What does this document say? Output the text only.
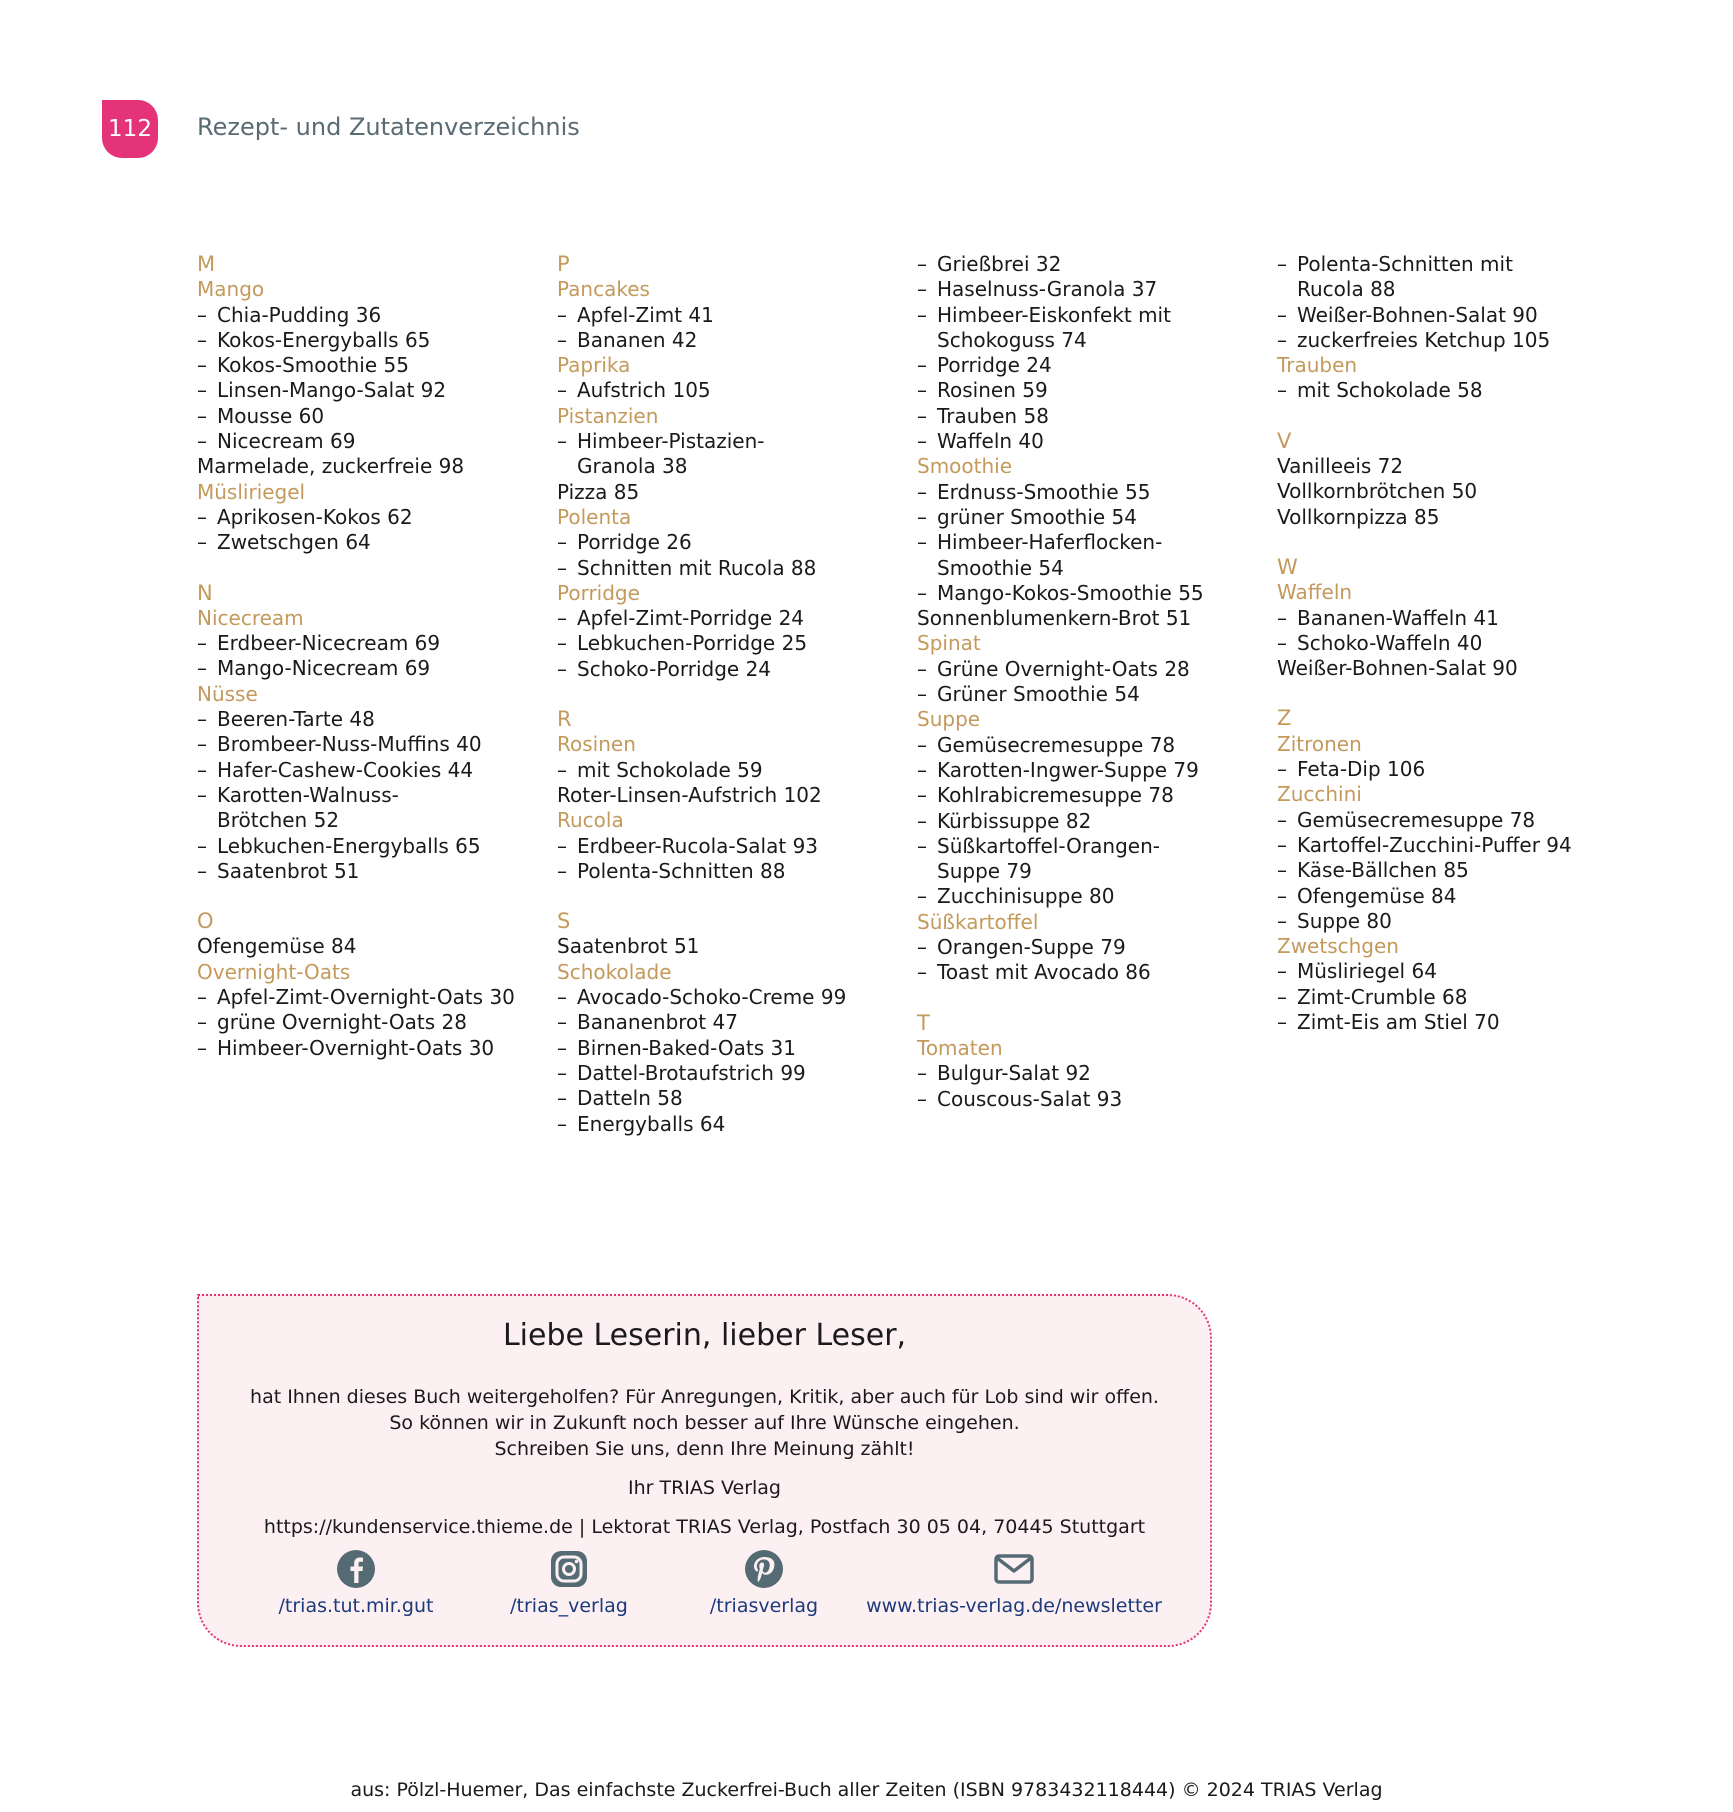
112 Rezept- und Zutatenverzeichnis
M
Mango
– Chia-Pudding 36
– Kokos-Energyballs 65
– Kokos-Smoothie 55
– Linsen-Mango-Salat 92
– Mousse 60
– Nicecream 69
Marmelade, zuckerfreie 98
Müsliriegel
– Aprikosen-Kokos 62
– Zwetschgen 64
N
Nicecream
– Erdbeer-Nicecream 69
– Mango-Nicecream 69
Nüsse
– Beeren-Tarte 48
– Brombeer-Nuss-Muffins 40
– Hafer-Cashew-Cookies 44
– Karotten-Walnuss-
Brötchen 52
– Lebkuchen-Energyballs 65
– Saatenbrot 51
O
Ofengemüse 84
Overnight-Oats
– Apfel-Zimt-Overnight-Oats 30
– grüne Overnight-Oats 28
– Himbeer-Overnight-Oats 30
P
Pancakes
– Apfel-Zimt 41
– Bananen 42
Paprika
– Aufstrich 105
Pistanzien
– Himbeer-Pistazien-
Granola 38
Pizza 85
Polenta
– Porridge 26
– Schnitten mit Rucola 88
Porridge
– Apfel-Zimt-Porridge 24
– Lebkuchen-Porridge 25
– Schoko-Porridge 24
R
Rosinen
– mit Schokolade 59
Roter-Linsen-Aufstrich 102
Rucola
– Erdbeer-Rucola-Salat 93
– Polenta-Schnitten 88
S
Saatenbrot 51
Schokolade
– Avocado-Schoko-Creme 99
– Bananenbrot 47
– Birnen-Baked-Oats 31
– Dattel-Brotaufstrich 99
– Datteln 58
– Energyballs 64
– Grießbrei 32
– Haselnuss-Granola 37
– Himbeer-Eiskonfekt mit
Schokoguss 74
– Porridge 24
– Rosinen 59
– Trauben 58
– Waffeln 40
Smoothie
– Erdnuss-Smoothie 55
– grüner Smoothie 54
– Himbeer-Haferflocken-
Smoothie 54
– Mango-Kokos-Smoothie 55
Sonnenblumenkern-Brot 51
Spinat
– Grüne Overnight-Oats 28
– Grüner Smoothie 54
Suppe
– Gemüsecremesuppe 78
– Karotten-Ingwer-Suppe 79
– Kohlrabicremesuppe 78
– Kürbissuppe 82
– Süßkartoffel-Orangen-
Suppe 79
– Zucchinisuppe 80
Süßkartoffel
– Orangen-Suppe 79
– Toast mit Avocado 86
T
Tomaten
– Bulgur-Salat 92
– Couscous-Salat 93
– Polenta-Schnitten mit
Rucola 88
– Weißer-Bohnen-Salat 90
– zuckerfreies Ketchup 105
Trauben
– mit Schokolade 58
V
Vanilleeis 72
Vollkornbrötchen 50
Vollkornpizza 85
W
Waffeln
– Bananen-Waffeln 41
– Schoko-Waffeln 40
Weißer-Bohnen-Salat 90
Z
Zitronen
– Feta-Dip 106
Zucchini
– Gemüsecremesuppe 78
– Kartoffel-Zucchini-Puffer 94
– Käse-Bällchen 85
– Ofengemüse 84
– Suppe 80
Zwetschgen
– Müsliriegel 64
– Zimt-Crumble 68
– Zimt-Eis am Stiel 70
Liebe Leserin, lieber Leser,
hat Ihnen dieses Buch weitergeholfen? Für Anregungen, Kritik, aber auch für Lob sind wir offen.
So können wir in Zukunft noch besser auf Ihre Wünsche eingehen.
Schreiben Sie uns, denn Ihre Meinung zählt!
Ihr TRIAS Verlag
https://kundenservice.thieme.de | Lektorat TRIAS Verlag, Postfach 30 05 04, 70445 Stuttgart
/trias.tut.mir.gut	/trias_verlag	/triasverlag	www.trias-verlag.de/newsletter
aus: Pölzl-Huemer, Das einfachste Zuckerfrei-Buch aller Zeiten (ISBN 9783432118444) © 2024 TRIAS Verlag
